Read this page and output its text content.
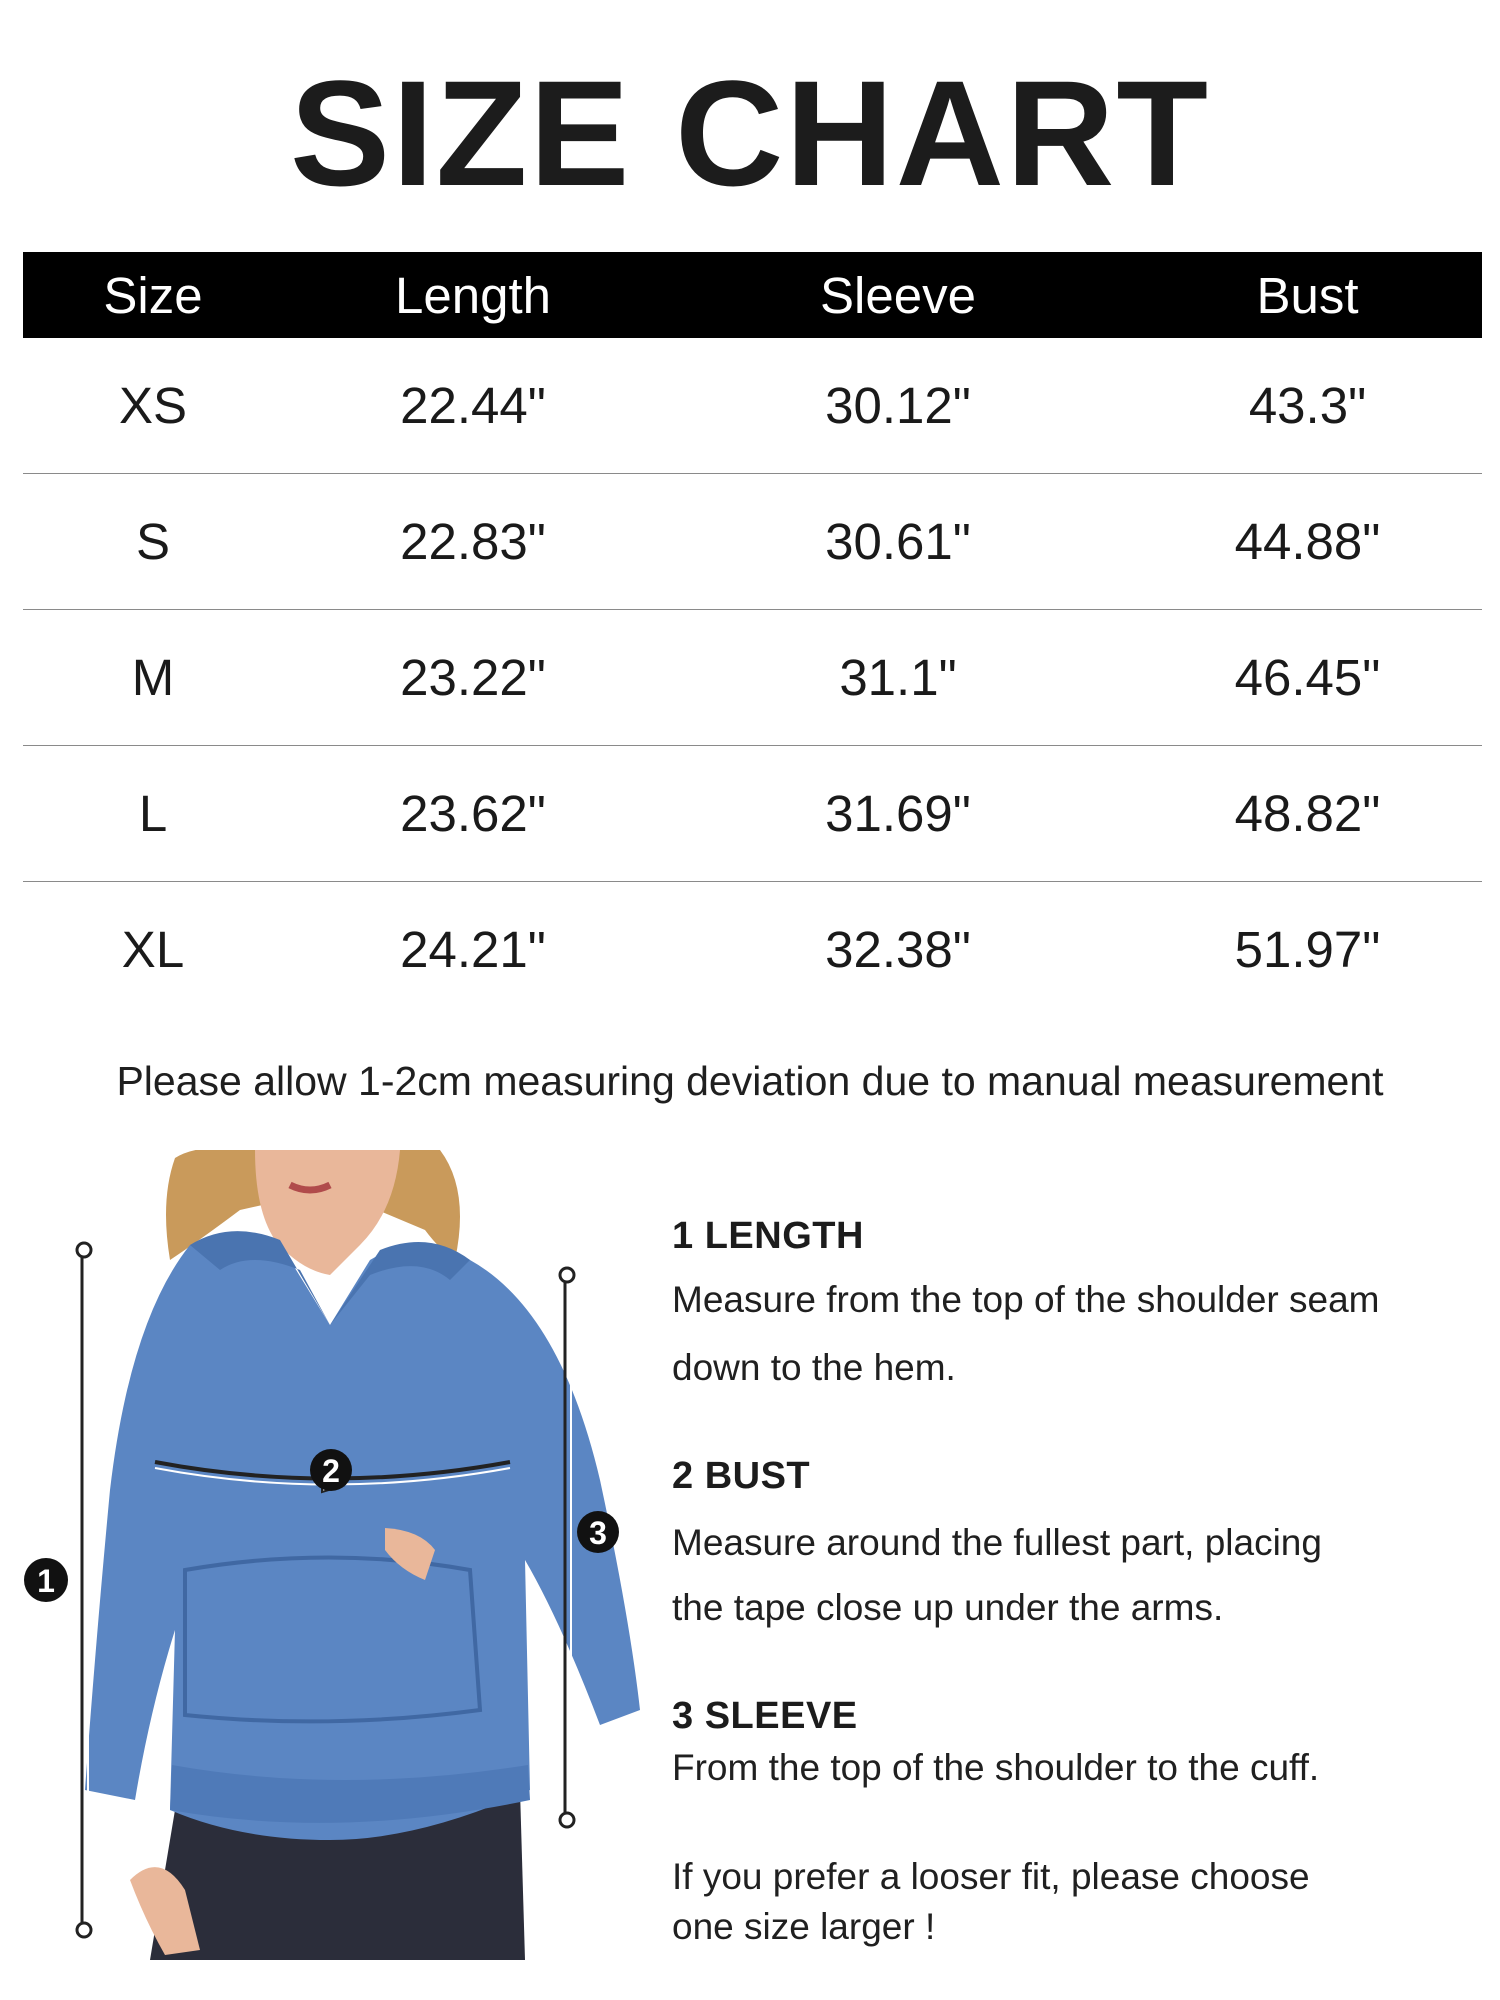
SIZE CHART
Size	Length	Sleeve	Bust
XS	22.44"	30.12"	43.3"
S	22.83"	30.61"	44.88"
M	23.22"	31.1"	46.45"
L	23.62"	31.69"	48.82"
XL	24.21"	32.38"	51.97"
Please allow 1-2cm measuring deviation due to manual measurement
1
2
3
1 LENGTH

Measure from the top of the shoulder seam

down to the hem.

2 BUST

Measure around the fullest part, placing

the tape close up under the arms.

3 SLEEVE

From the top of the shoulder to the cuff.

If you prefer a looser fit, please choose

one size larger !
